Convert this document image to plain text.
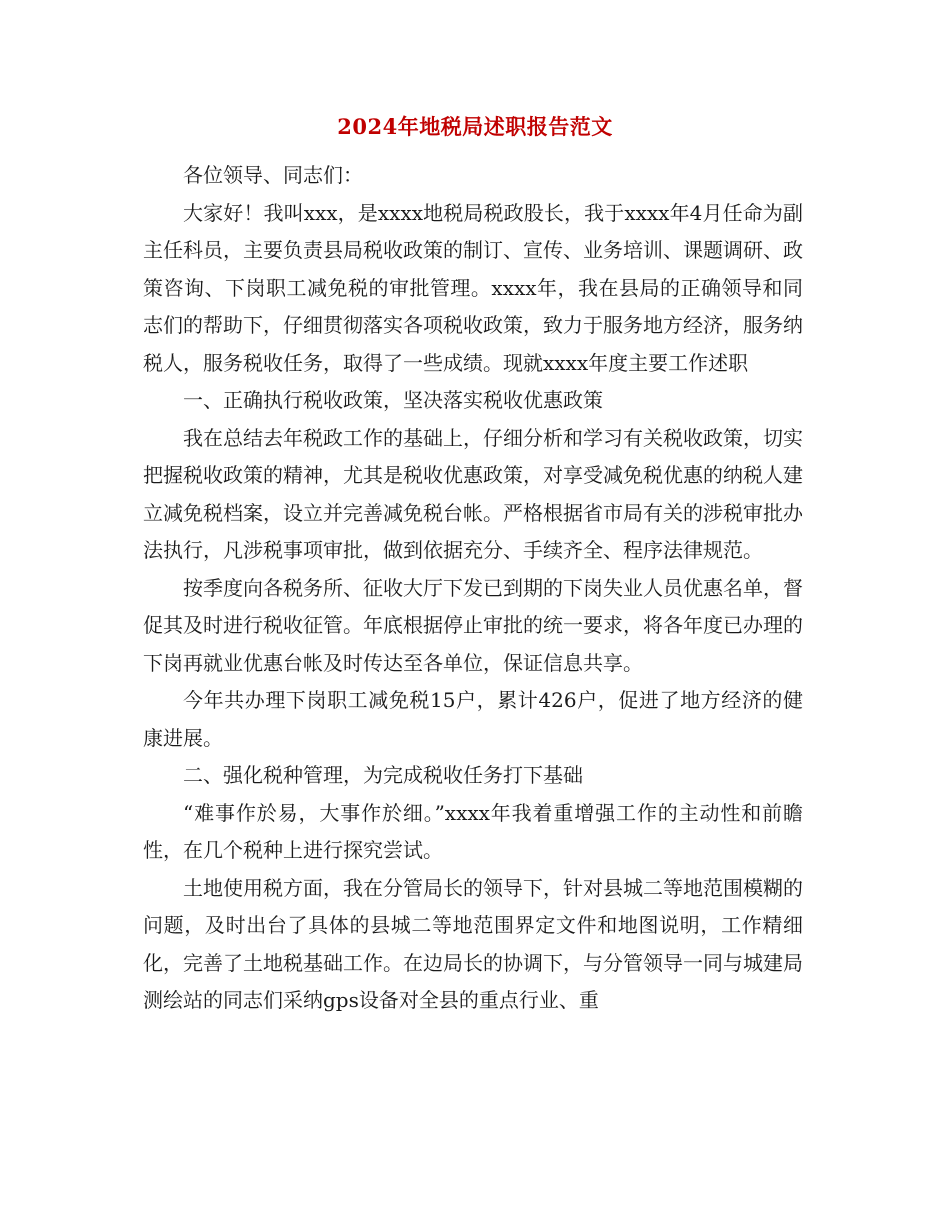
2024年地税局述职报告范文

各位领导、同志们：

大家好！我叫xxx，是xxxx地税局税政股长，我于xxxx年4月任命为副主任科员，主要负责县局税收政策的制订、宣传、业务培训、课题调研、政策咨询、下岗职工减免税的审批管理。xxxx年，我在县局的正确领导和同志们的帮助下，仔细贯彻落实各项税收政策，致力于服务地方经济，服务纳税人，服务税收任务，取得了一些成绩。现就xxxx年度主要工作述职

一、正确执行税收政策，坚决落实税收优惠政策

我在总结去年税政工作的基础上，仔细分析和学习有关税收政策，切实把握税收政策的精神，尤其是税收优惠政策，对享受减免税优惠的纳税人建立减免税档案，设立并完善减免税台帐。严格根据省市局有关的涉税审批办法执行，凡涉税事项审批，做到依据充分、手续齐全、程序法律规范。

按季度向各税务所、征收大厅下发已到期的下岗失业人员优惠名单，督促其及时进行税收征管。年底根据停止审批的统一要求，将各年度已办理的下岗再就业优惠台帐及时传达至各单位，保证信息共享。

今年共办理下岗职工减免税15户，累计426户，促进了地方经济的健康进展。

二、强化税种管理，为完成税收任务打下基础

“难事作於易，大事作於细。”xxxx年我着重增强工作的主动性和前瞻性，在几个税种上进行探究尝试。

土地使用税方面，我在分管局长的领导下，针对县城二等地范围模糊的问题，及时出台了具体的县城二等地范围界定文件和地图说明，工作精细化，完善了土地税基础工作。在边局长的协调下，与分管领导一同与城建局测绘站的同志们采纳gps设备对全县的重点行业、重
